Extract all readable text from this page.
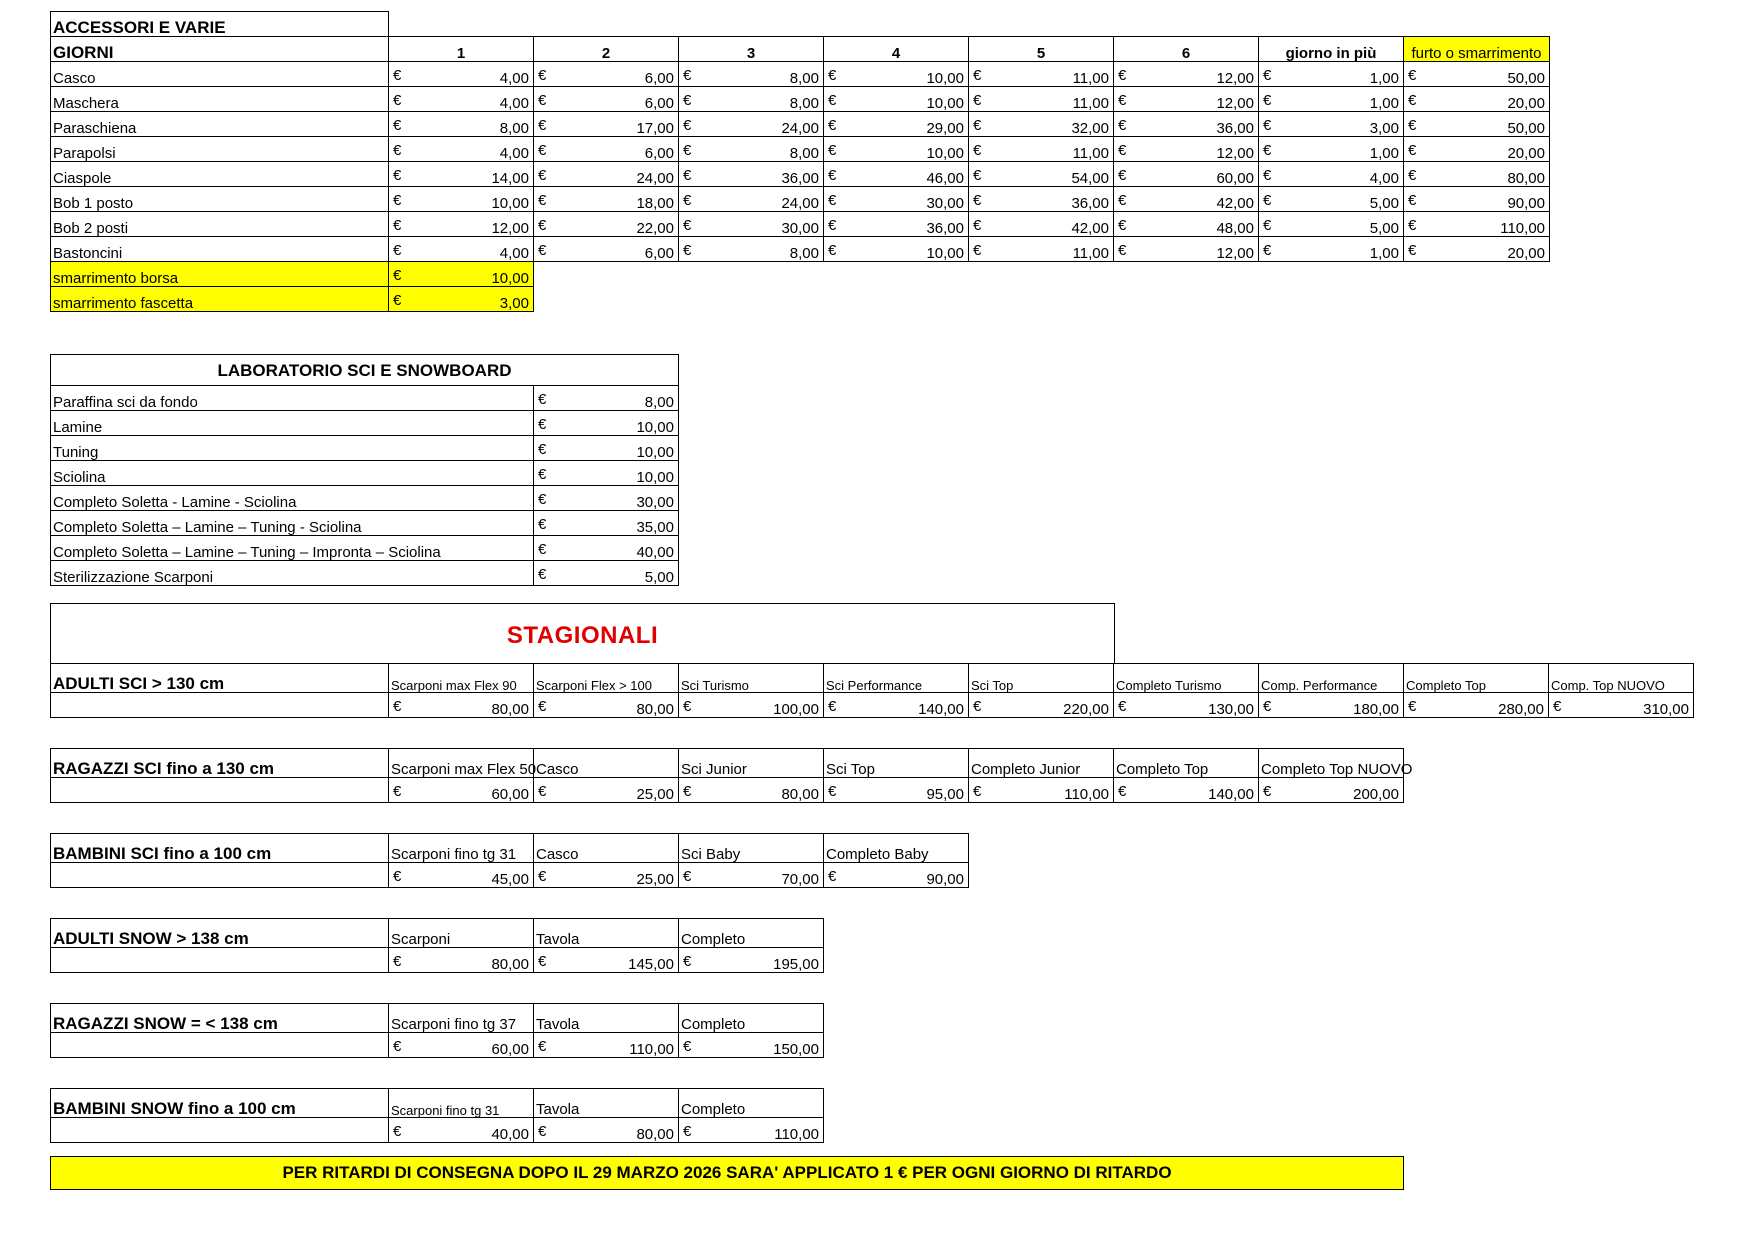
ACCESSORI E VARIE								
GIORNI	1	2	3	4	5	6	giorno in più	furto o smarrimento
Casco	€ 4,00	€ 6,00	€ 8,00	€ 10,00	€ 11,00	€ 12,00	€ 1,00	€ 50,00

Maschera	€ 4,00	€ 6,00	€ 8,00	€ 10,00	€ 11,00	€ 12,00	€ 1,00	€ 20,00

Paraschiena	€ 8,00	€ 17,00	€ 24,00	€ 29,00	€ 32,00	€ 36,00	€ 3,00	€ 50,00

Parapolsi	€ 4,00	€ 6,00	€ 8,00	€ 10,00	€ 11,00	€ 12,00	€ 1,00	€ 20,00

Ciaspole	€ 14,00	€ 24,00	€ 36,00	€ 46,00	€ 54,00	€ 60,00	€ 4,00	€ 80,00

Bob 1 posto	€ 10,00	€ 18,00	€ 24,00	€ 30,00	€ 36,00	€ 42,00	€ 5,00	€ 90,00

Bob 2 posti	€ 12,00	€ 22,00	€ 30,00	€ 36,00	€ 42,00	€ 48,00	€ 5,00	€ 110,00

Bastoncini	€ 4,00	€ 6,00	€ 8,00	€ 10,00	€ 11,00	€ 12,00	€ 1,00	€ 20,00

smarrimento borsa	€ 10,00							

smarrimento fascetta	€ 3,00							

LABORATORIO SCI E SNOWBOARD	
Paraffina sci da fondo	€ 8,00

Lamine	€ 10,00

Tuning	€ 10,00

Sciolina	€ 10,00

Completo Soletta - Lamine - Sciolina	€ 30,00

Completo Soletta – Lamine – Tuning - Sciolina	€ 35,00

Completo Soletta – Lamine – Tuning – Impronta – Sciolina	€ 40,00

Sterilizzazione Scarponi	€ 5,00
STAGIONALI
ADULTI SCI > 130 cm	Scarponi max Flex 90	Scarponi Flex > 100	Sci Turismo	Sci Performance	Sci Top	Completo Turismo	Comp. Performance	Completo Top	Comp. Top NUOVO

	€ 80,00	€ 80,00	€ 100,00	€ 140,00	€ 220,00	€ 130,00	€ 180,00	€ 280,00	€ 310,00
RAGAZZI SCI fino a 130 cm	Scarponi max Flex 50	Casco	Sci Junior	Sci Top	Completo Junior	Completo Top	Completo Top NUOVO

	€ 60,00	€ 25,00	€ 80,00	€ 95,00	€ 110,00	€ 140,00	€ 200,00
BAMBINI SCI fino a 100 cm	Scarponi fino tg 31	Casco	Sci Baby	Completo Baby

	€ 45,00	€ 25,00	€ 70,00	€ 90,00
ADULTI SNOW > 138 cm	Scarponi	Tavola	Completo

	€ 80,00	€ 145,00	€ 195,00
RAGAZZI SNOW = < 138 cm	Scarponi fino tg 37	Tavola	Completo

	€ 60,00	€ 110,00	€ 150,00
BAMBINI SNOW fino a 100 cm	Scarponi fino tg 31	Tavola	Completo

	€ 40,00	€ 80,00	€ 110,00
PER RITARDI DI CONSEGNA DOPO IL 29 MARZO 2026 SARA' APPLICATO 1 € PER OGNI GIORNO DI RITARDO
